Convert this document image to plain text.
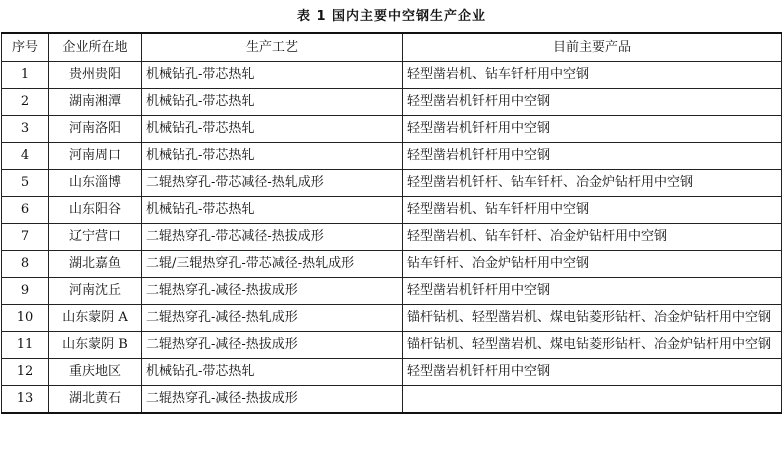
表 1 国内主要中空钢生产企业
序号	企业所在地	生产工艺	目前主要产品
1	贵州贵阳	机械钻孔-带芯热轧	轻型凿岩机、钻车钎杆用中空钢
2	湖南湘潭	机械钻孔-带芯热轧	轻型凿岩机钎杆用中空钢
3	河南洛阳	机械钻孔-带芯热轧	轻型凿岩机钎杆用中空钢
4	河南周口	机械钻孔-带芯热轧	轻型凿岩机钎杆用中空钢
5	山东淄博	二辊热穿孔-带芯减径-热轧成形	轻型凿岩机钎杆、钻车钎杆、冶金炉钻杆用中空钢
6	山东阳谷	机械钻孔-带芯热轧	轻型凿岩机、钻车钎杆用中空钢
7	辽宁营口	二辊热穿孔-带芯减径-热拔成形	轻型凿岩机、钻车钎杆、冶金炉钻杆用中空钢
8	湖北嘉鱼	二辊/三辊热穿孔-带芯减径-热轧成形	钻车钎杆、冶金炉钻杆用中空钢
9	河南沈丘	二辊热穿孔-减径-热拔成形	轻型凿岩机钎杆用中空钢
10	山东蒙阴 A	二辊热穿孔-减径-热轧成形	锚杆钻机、轻型凿岩机、煤电钻菱形钻杆、冶金炉钻杆用中空钢
11	山东蒙阴 B	二辊热穿孔-减径-热拔成形	锚杆钻机、轻型凿岩机、煤电钻菱形钻杆、冶金炉钻杆用中空钢
12	重庆地区	机械钻孔-带芯热轧	轻型凿岩机钎杆用中空钢
13	湖北黄石	二辊热穿孔-减径-热拔成形	
